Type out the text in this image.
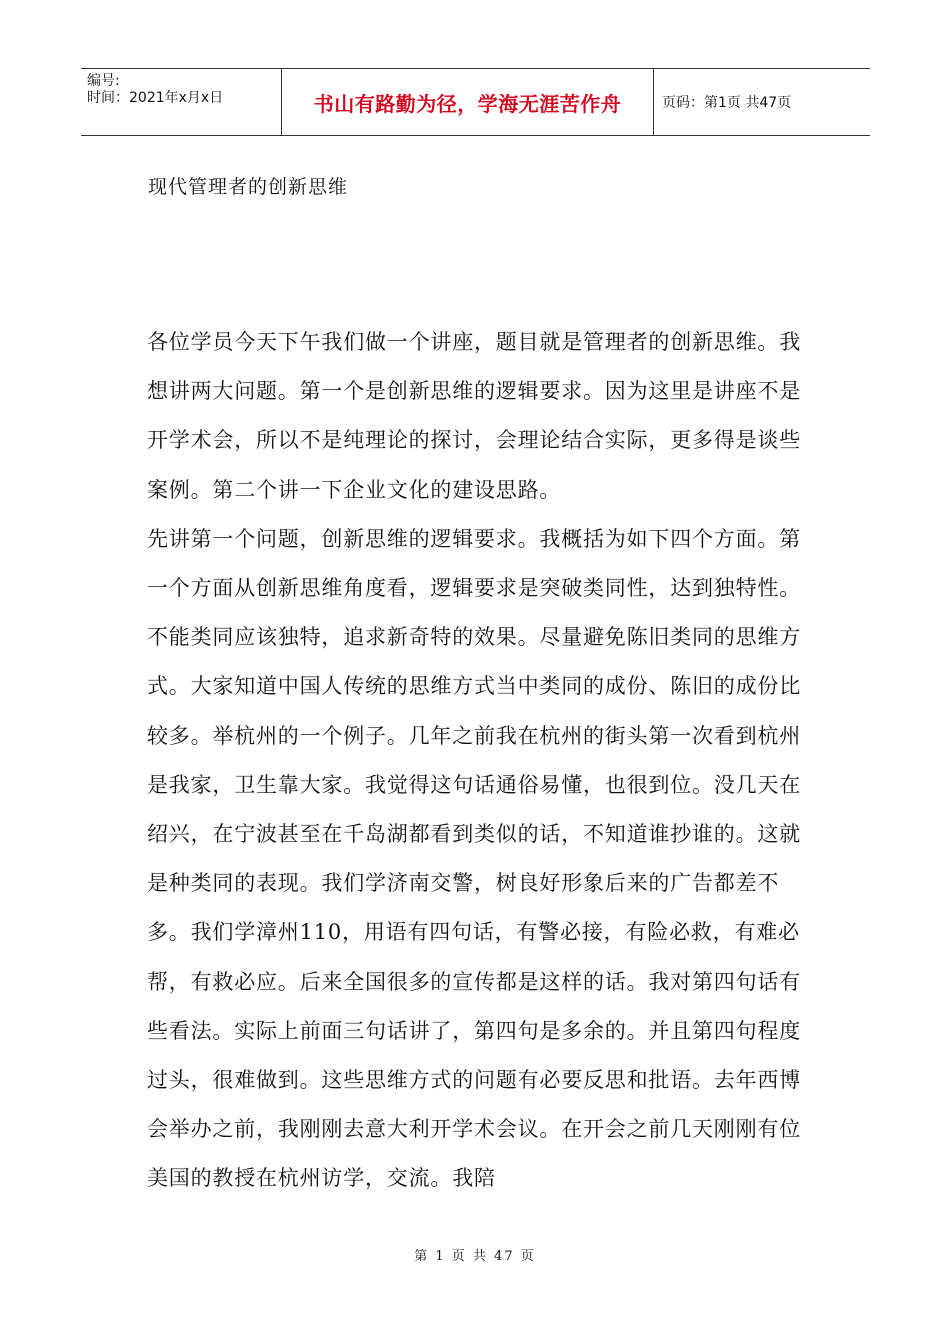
编号:
时间：2021年x月x日	书山有路勤为径，学海无涯苦作舟	页码：第1页 共47页
现代管理者的创新思维

各位学员今天下午我们做一个讲座，题目就是管理者的创新思维。我想讲两大问题。第一个是创新思维的逻辑要求。因为这里是讲座不是开学术会，所以不是纯理论的探讨，会理论结合实际，更多得是谈些案例。第二个讲一下企业文化的建设思路。

先讲第一个问题，创新思维的逻辑要求。我概括为如下四个方面。第一个方面从创新思维角度看，逻辑要求是突破类同性，达到独特性。不能类同应该独特，追求新奇特的效果。尽量避免陈旧类同的思维方式。大家知道中国人传统的思维方式当中类同的成份、陈旧的成份比较多。举杭州的一个例子。几年之前我在杭州的街头第一次看到杭州是我家，卫生靠大家。我觉得这句话通俗易懂，也很到位。没几天在绍兴，在宁波甚至在千岛湖都看到类似的话，不知道谁抄谁的。这就是种类同的表现。我们学济南交警，树良好形象后来的广告都差不多。我们学漳州110，用语有四句话，有警必接，有险必救，有难必帮，有救必应。后来全国很多的宣传都是这样的话。我对第四句话有些看法。实际上前面三句话讲了，第四句是多余的。并且第四句程度过头，很难做到。这些思维方式的问题有必要反思和批语。去年西博会举办之前，我刚刚去意大利开学术会议。在开会之前几天刚刚有位美国的教授在杭州访学，交流。我陪

第 1 页 共 47 页
